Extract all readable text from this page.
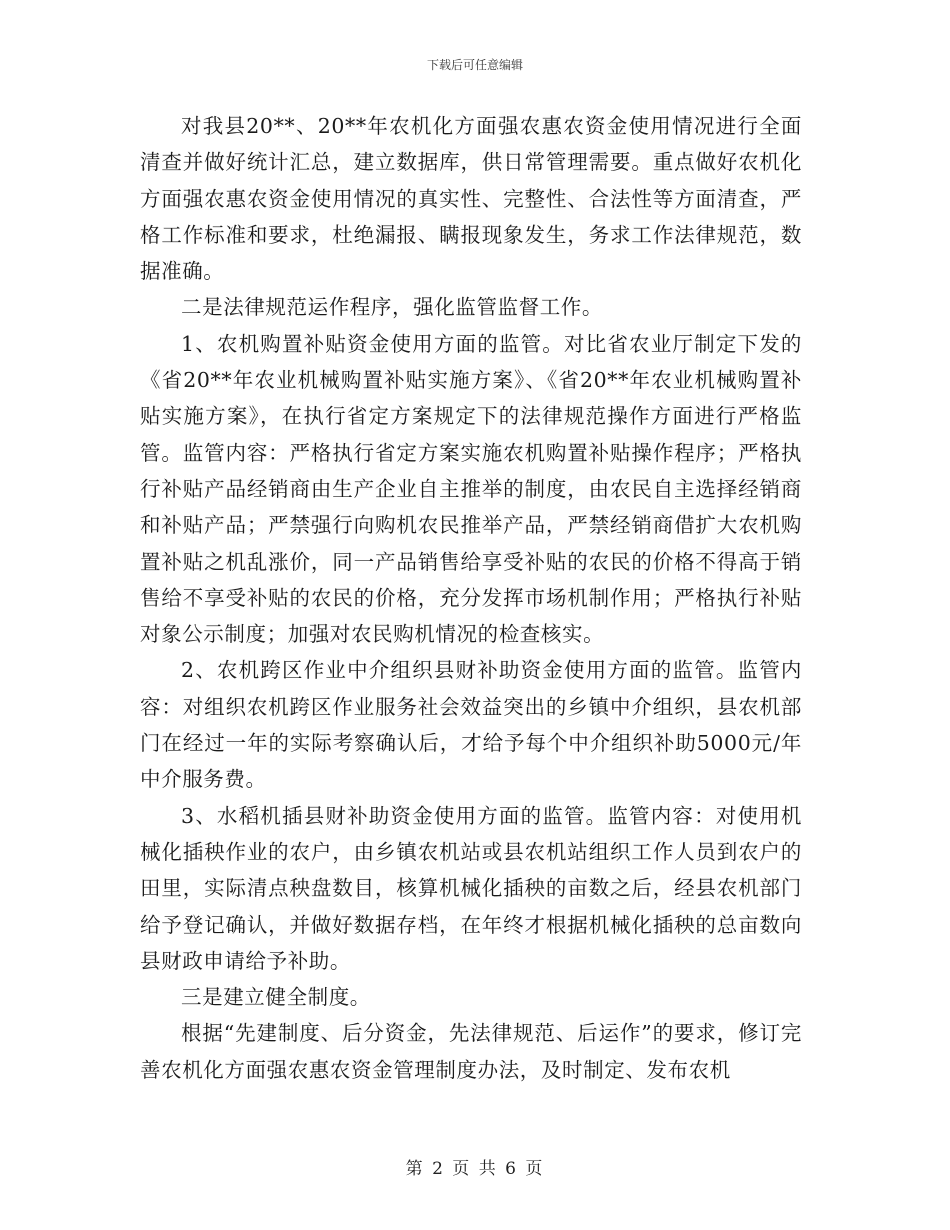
下载后可任意编辑

对我县20**、20**年农机化方面强农惠农资金使用情况进行全面清查并做好统计汇总，建立数据库，供日常管理需要。重点做好农机化方面强农惠农资金使用情况的真实性、完整性、合法性等方面清查，严格工作标准和要求，杜绝漏报、瞒报现象发生，务求工作法律规范，数据准确。

二是法律规范运作程序，强化监管监督工作。

1、农机购置补贴资金使用方面的监管。对比省农业厅制定下发的《省20**年农业机械购置补贴实施方案》、《省20**年农业机械购置补贴实施方案》，在执行省定方案规定下的法律规范操作方面进行严格监管。监管内容：严格执行省定方案实施农机购置补贴操作程序；严格执行补贴产品经销商由生产企业自主推举的制度，由农民自主选择经销商和补贴产品；严禁强行向购机农民推举产品，严禁经销商借扩大农机购置补贴之机乱涨价，同一产品销售给享受补贴的农民的价格不得高于销售给不享受补贴的农民的价格，充分发挥市场机制作用；严格执行补贴对象公示制度；加强对农民购机情况的检查核实。

2、农机跨区作业中介组织县财补助资金使用方面的监管。监管内容：对组织农机跨区作业服务社会效益突出的乡镇中介组织，县农机部门在经过一年的实际考察确认后，才给予每个中介组织补助5000元/年中介服务费。

3、水稻机插县财补助资金使用方面的监管。监管内容：对使用机械化插秧作业的农户，由乡镇农机站或县农机站组织工作人员到农户的田里，实际清点秧盘数目，核算机械化插秧的亩数之后，经县农机部门给予登记确认，并做好数据存档，在年终才根据机械化插秧的总亩数向县财政申请给予补助。

三是建立健全制度。

根据“先建制度、后分资金，先法律规范、后运作”的要求，修订完善农机化方面强农惠农资金管理制度办法，及时制定、发布农机

第 2 页 共 6 页
